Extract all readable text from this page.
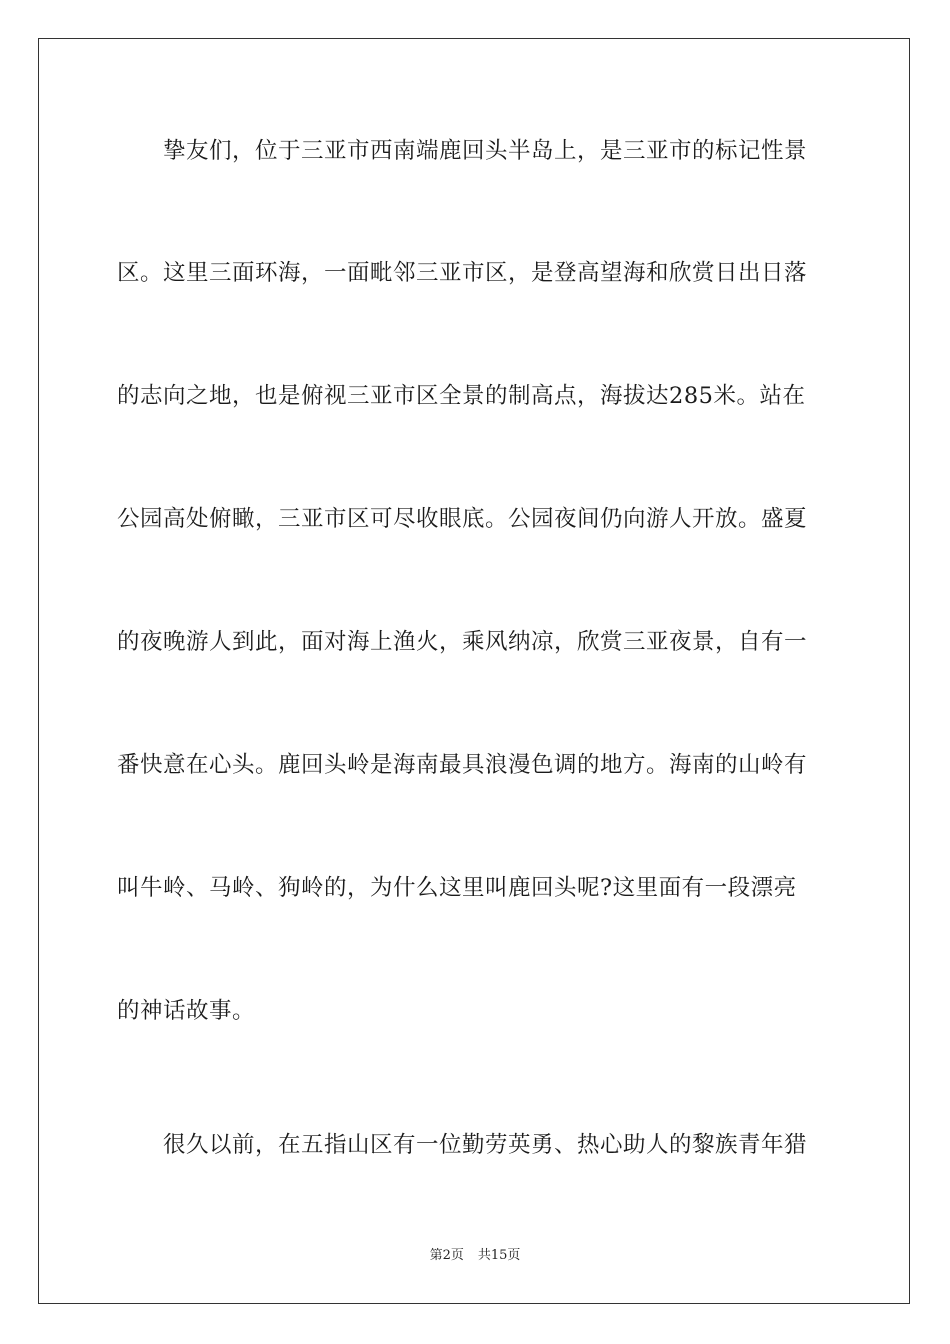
　　挚友们，位于三亚市西南端鹿回头半岛上，是三亚市的标记性景
区。这里三面环海，一面毗邻三亚市区，是登高望海和欣赏日出日落
的志向之地，也是俯视三亚市区全景的制高点，海拔达285米。站在
公园高处俯瞰，三亚市区可尽收眼底。公园夜间仍向游人开放。盛夏
的夜晚游人到此，面对海上渔火，乘风纳凉，欣赏三亚夜景，自有一
番快意在心头。鹿回头岭是海南最具浪漫色调的地方。海南的山岭有
叫牛岭、马岭、狗岭的，为什么这里叫鹿回头呢?这里面有一段漂亮
的神话故事。
　　很久以前，在五指山区有一位勤劳英勇、热心助人的黎族青年猎
第2页 共15页
